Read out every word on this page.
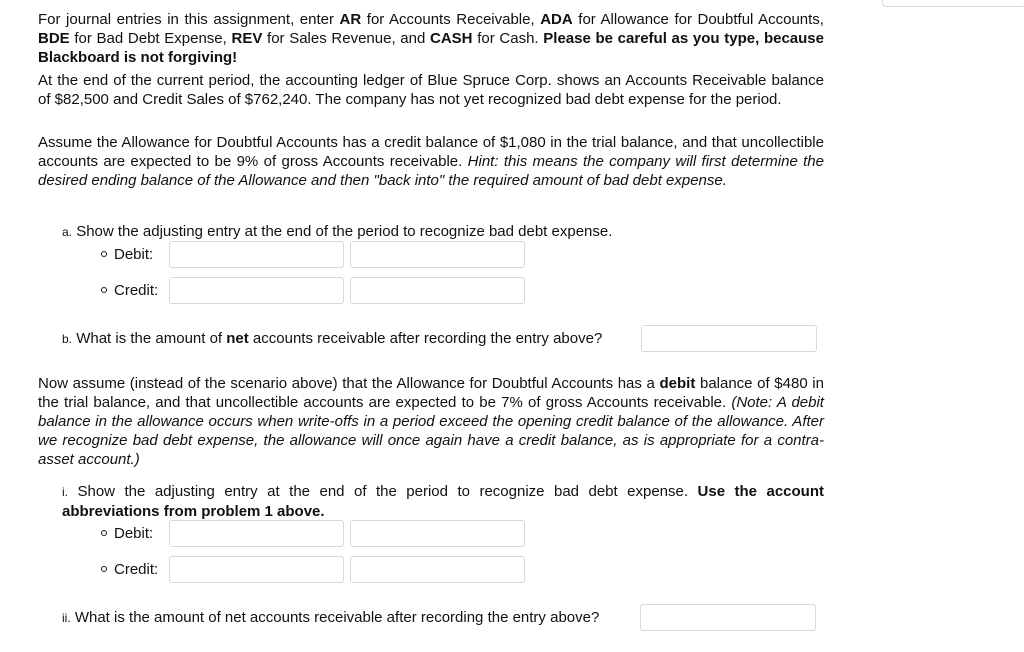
For journal entries in this assignment, enter AR for Accounts Receivable, ADA for Allowance for Doubtful Accounts, BDE for Bad Debt Expense, REV for Sales Revenue, and CASH for Cash. Please be careful as you type, because Blackboard is not forgiving!

At the end of the current period, the accounting ledger of Blue Spruce Corp. shows an Accounts Receivable balance of $82,500 and Credit Sales of $762,240. The company has not yet recognized bad debt expense for the period.

Assume the Allowance for Doubtful Accounts has a credit balance of $1,080 in the trial balance, and that uncollectible accounts are expected to be 9% of gross Accounts receivable. Hint: this means the company will first determine the desired ending balance of the Allowance and then "back into" the required amount of bad debt expense.

a. Show the adjusting entry at the end of the period to recognize bad debt expense.
Debit:
Credit:
b. What is the amount of net accounts receivable after recording the entry above?

Now assume (instead of the scenario above) that the Allowance for Doubtful Accounts has a debit balance of $480 in the trial balance, and that uncollectible accounts are expected to be 7% of gross Accounts receivable. (Note: A debit balance in the allowance occurs when write-offs in a period exceed the opening credit balance of the allowance. After we recognize bad debt expense, the allowance will once again have a credit balance, as is appropriate for a contra-asset account.)

i. Show the adjusting entry at the end of the period to recognize bad debt expense. Use the account abbreviations from problem 1 above.
Debit:
Credit:
ii. What is the amount of net accounts receivable after recording the entry above?
